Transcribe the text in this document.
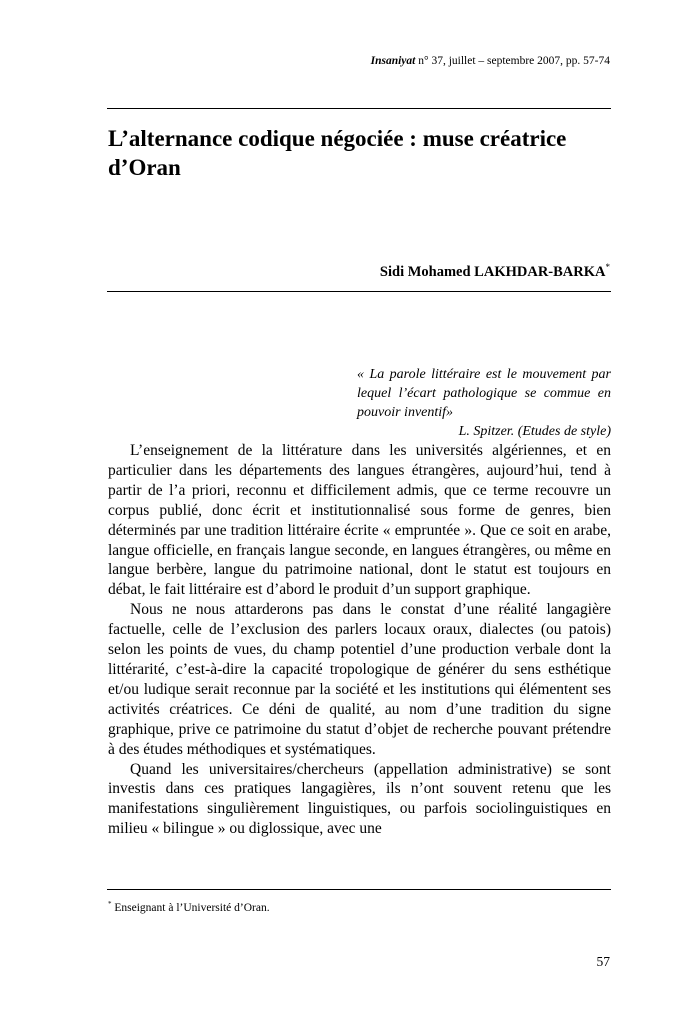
Insaniyat n° 37, juillet – septembre 2007, pp. 57-74
L’alternance codique négociée : muse créatrice d’Oran
Sidi Mohamed LAKHDAR-BARKA*
« La parole littéraire est le mouvement par lequel l’écart pathologique se commue en pouvoir inventif»
L. Spitzer. (Etudes de style)

L’enseignement de la littérature dans les universités algériennes, et en particulier dans les départements des langues étrangères, aujourd’hui, tend à partir de l’a priori, reconnu et difficilement admis, que ce terme recouvre un corpus publié, donc écrit et institutionnalisé sous forme de genres, bien déterminés par une tradition littéraire écrite « empruntée ». Que ce soit en arabe, langue officielle, en français langue seconde, en langues étrangères, ou même en langue berbère, langue du patrimoine national, dont le statut est toujours en débat, le fait littéraire est d’abord le produit d’un support graphique.

Nous ne nous attarderons pas dans le constat d’une réalité langagière factuelle, celle de l’exclusion des parlers locaux oraux, dialectes (ou patois) selon les points de vues, du champ potentiel d’une production verbale dont la littérarité, c’est-à-dire la capacité tropologique de générer du sens esthétique et/ou ludique serait reconnue par la société et les institutions qui élémentent ses activités créatrices. Ce déni de qualité, au nom d’une tradition du signe graphique, prive ce patrimoine du statut d’objet de recherche pouvant prétendre à des études méthodiques et systématiques.

Quand les universitaires/chercheurs (appellation administrative) se sont investis dans ces pratiques langagières, ils n’ont souvent retenu que les manifestations singulièrement linguistiques, ou parfois sociolinguistiques en milieu « bilingue » ou diglossique, avec une

* Enseignant à l’Université d’Oran.
57
